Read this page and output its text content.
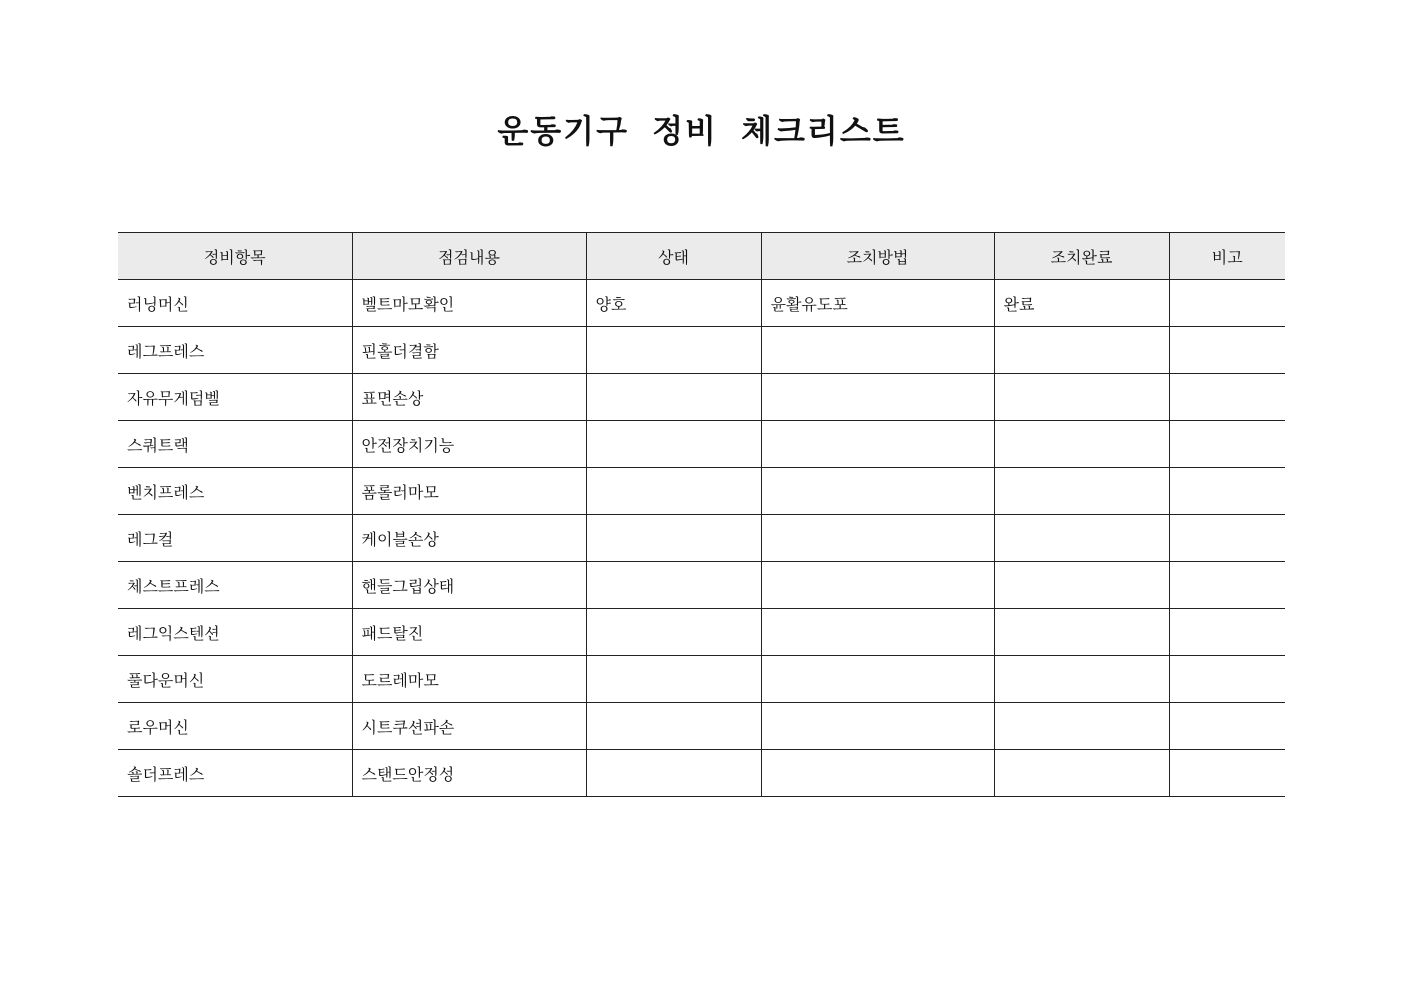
운동기구 정비 체크리스트
정비항목	점검내용	상태	조치방법	조치완료	비고
러닝머신	벨트마모확인	양호	윤활유도포	완료	
레그프레스	핀홀더결함				
자유무게덤벨	표면손상				
스쿼트랙	안전장치기능				
벤치프레스	폼롤러마모				
레그컬	케이블손상				
체스트프레스	핸들그립상태				
레그익스텐션	패드탈진				
풀다운머신	도르레마모				
로우머신	시트쿠션파손				
숄더프레스	스탠드안정성				
